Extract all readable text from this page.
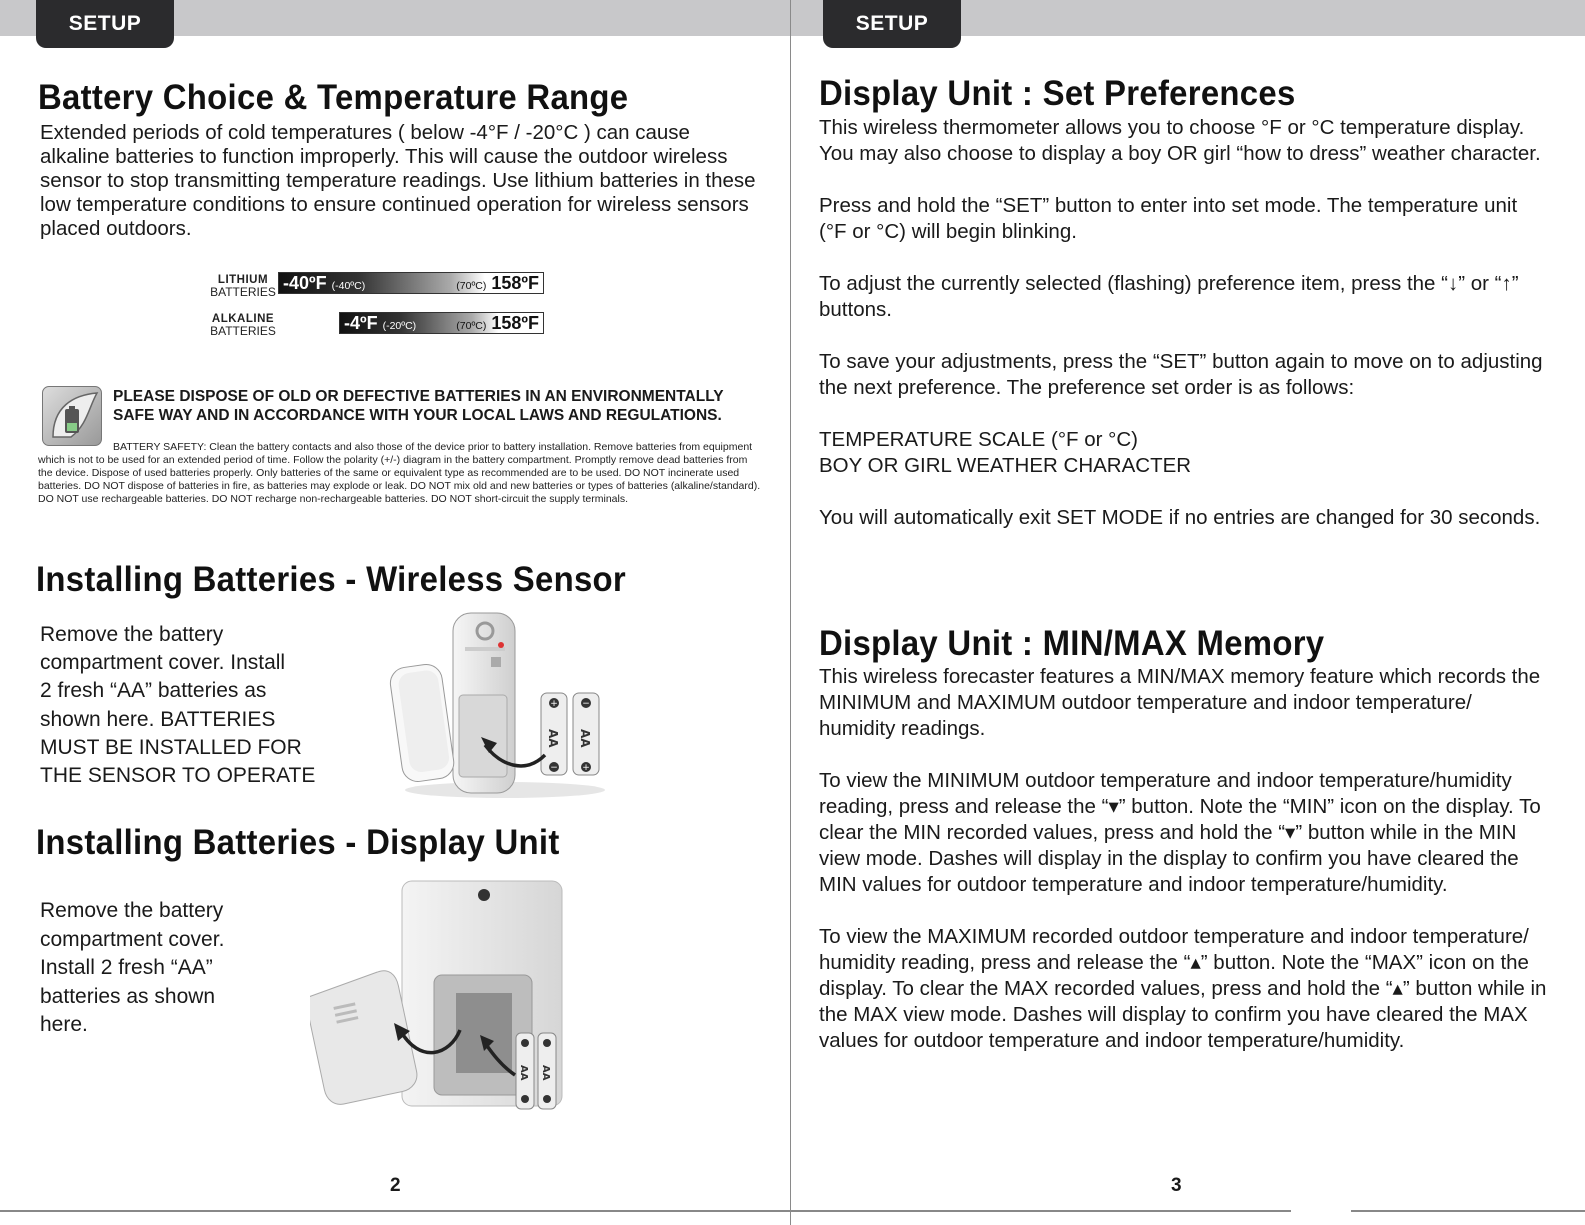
SETUP
Battery Choice & Temperature Range

Extended periods of cold temperatures ( below -4°F / -20°C ) can cause alkaline batteries to function improperly. This will cause the outdoor wireless sensor to stop transmitting temperature readings. Use lithium batteries in these low temperature conditions to ensure continued operation for wireless sensors placed outdoors.

LITHIUM
BATTERIES -40ºF (-40ºC)	(70ºC) 158ºF
ALKALINE
BATTERIES	-4ºF (-20ºC)	(70ºC) 158ºF
PLEASE DISPOSE OF OLD OR DEFECTIVE BATTERIES IN AN ENVIRONMENTALLY SAFE WAY AND IN ACCORDANCE WITH YOUR LOCAL LAWS AND REGULATIONS.
BATTERY SAFETY: Clean the battery contacts and also those of the device prior to battery installation. Remove batteries from equipment which is not to be used for an extended period of time. Follow the polarity (+/-) diagram in the battery compartment. Promptly remove dead batteries from the device. Dispose of used batteries properly. Only batteries of the same or equivalent type as recommended are to be used. DO NOT incinerate used batteries. DO NOT dispose of batteries in fire, as batteries may explode or leak. DO NOT mix old and new batteries or types of batteries (alkaline/standard). DO NOT use rechargeable batteries. DO NOT recharge non-rechargeable batteries. DO NOT short-circuit the supply terminals.
Installing Batteries - Wireless Sensor
Remove the battery
compartment cover. Install
2 fresh “AA” batteries as
shown here. BATTERIES
MUST BE INSTALLED FOR
THE SENSOR TO OPERATE
+	−
−	+
AA AA
Installing Batteries - Display Unit
Remove the battery
compartment cover.
Install 2 fresh “AA”
batteries as shown
here.
AA AA
2
SETUP
Display Unit : Set Preferences

This wireless thermometer allows you to choose °F or °C temperature display. You may also choose to display a boy OR girl “how to dress” weather character.

Press and hold the “SET” button to enter into set mode. The temperature unit (°F or °C) will begin blinking.

To adjust the currently selected (flashing) preference item, press the “↓” or “↑” buttons.

To save your adjustments, press the “SET” button again to move on to adjusting the next preference. The preference set order is as follows:

TEMPERATURE SCALE (°F or °C)
BOY OR GIRL WEATHER CHARACTER

You will automatically exit SET MODE if no entries are changed for 30 seconds.

Display Unit : MIN/MAX Memory

This wireless forecaster features a MIN/MAX memory feature which records the MINIMUM and MAXIMUM outdoor temperature and indoor temperature/ humidity readings.

To view the MINIMUM outdoor temperature and indoor temperature/humidity reading, press and release the “▾” button. Note the “MIN” icon on the display. To clear the MIN recorded values, press and hold the “▾” button while in the MIN view mode. Dashes will display in the display to confirm you have cleared the MIN values for outdoor temperature and indoor temperature/humidity.

To view the MAXIMUM recorded outdoor temperature and indoor temperature/ humidity reading, press and release the “▴” button. Note the “MAX” icon on the display. To clear the MAX recorded values, press and hold the “▴” button while in the MAX view mode. Dashes will display to confirm you have cleared the MAX values for outdoor temperature and indoor temperature/humidity.

3
